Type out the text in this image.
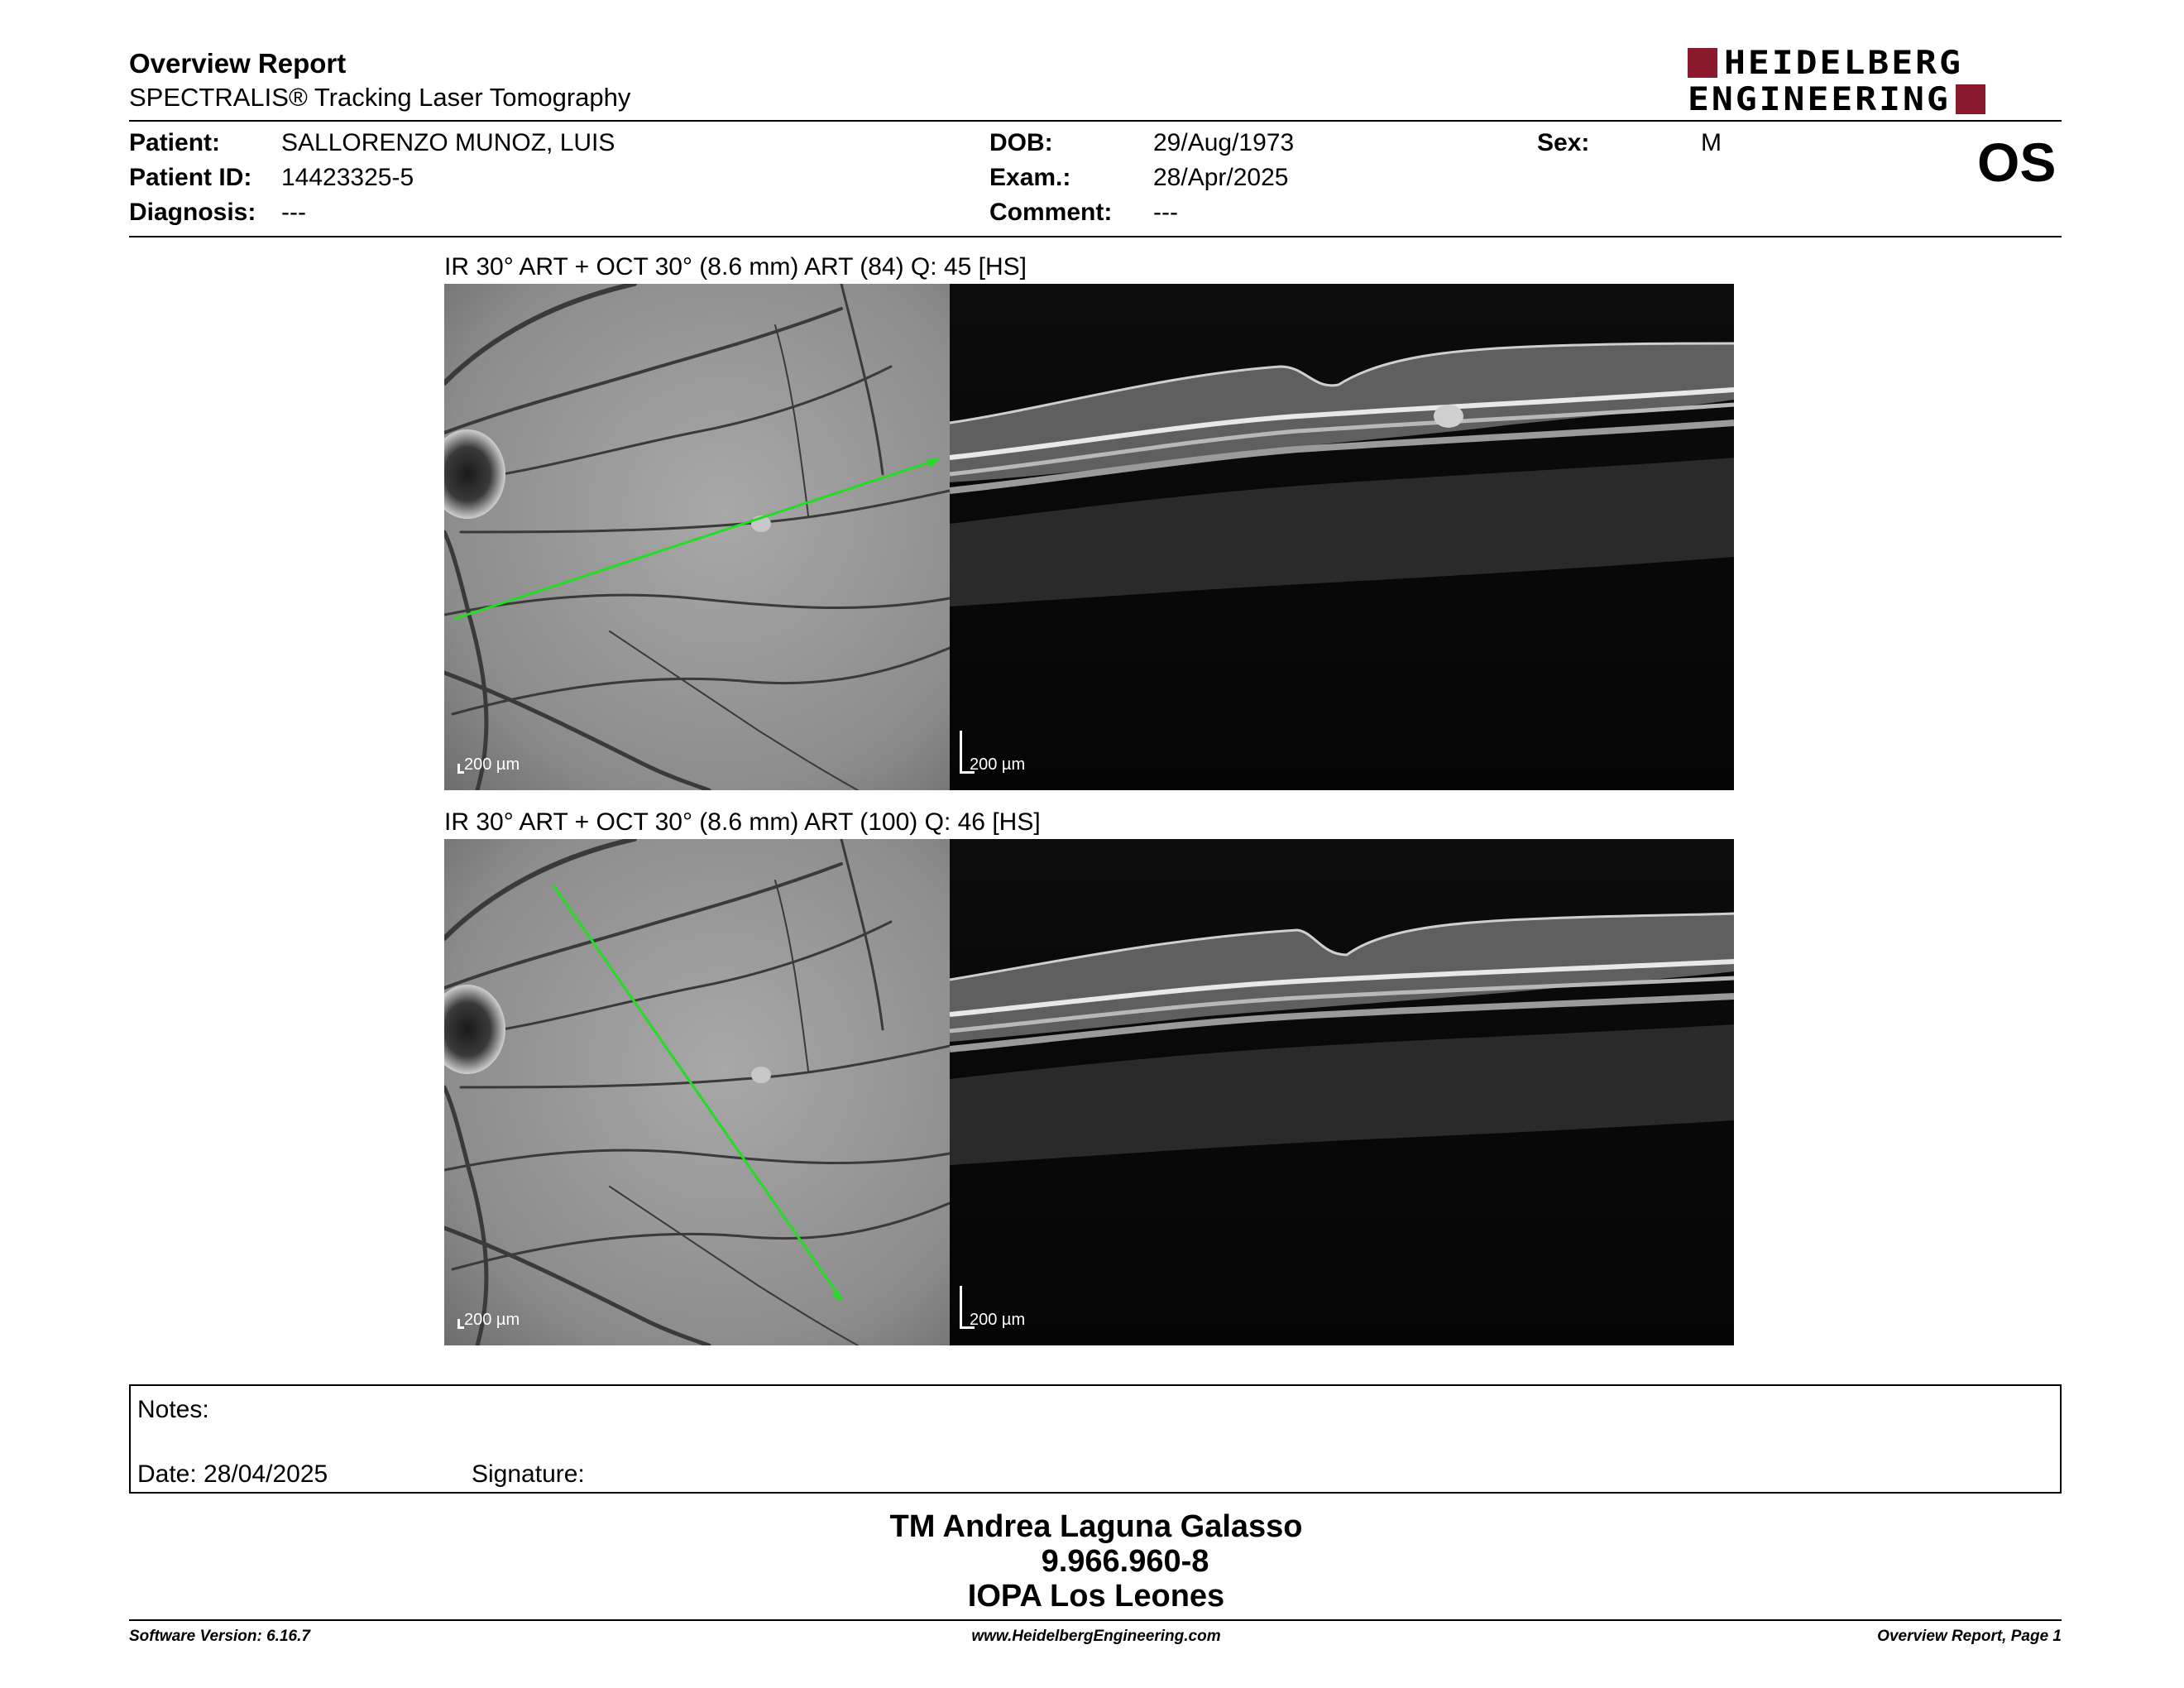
Overview Report
SPECTRALIS® Tracking Laser Tomography
HEIDELBERG
ENGINEERING
Patient: SALLORENZO MUNOZ, LUIS
Patient ID: 14423325-5
Diagnosis: ---
DOB:	29/Aug/1973
Exam.:	28/Apr/2025
Comment: ---
Sex:	M	OS
IR 30° ART + OCT 30° (8.6 mm) ART (84) Q: 45 [HS]
200 µm	200 µm
IR 30° ART + OCT 30° (8.6 mm) ART (100) Q: 46 [HS]
200 µm	200 µm
Notes:
Date: 28/04/2025	Signature:
TM Andrea Laguna Galasso
9.966.960-8
IOPA Los Leones
Software Version: 6.16.7	www.HeidelbergEngineering.com	Overview Report, Page 1
